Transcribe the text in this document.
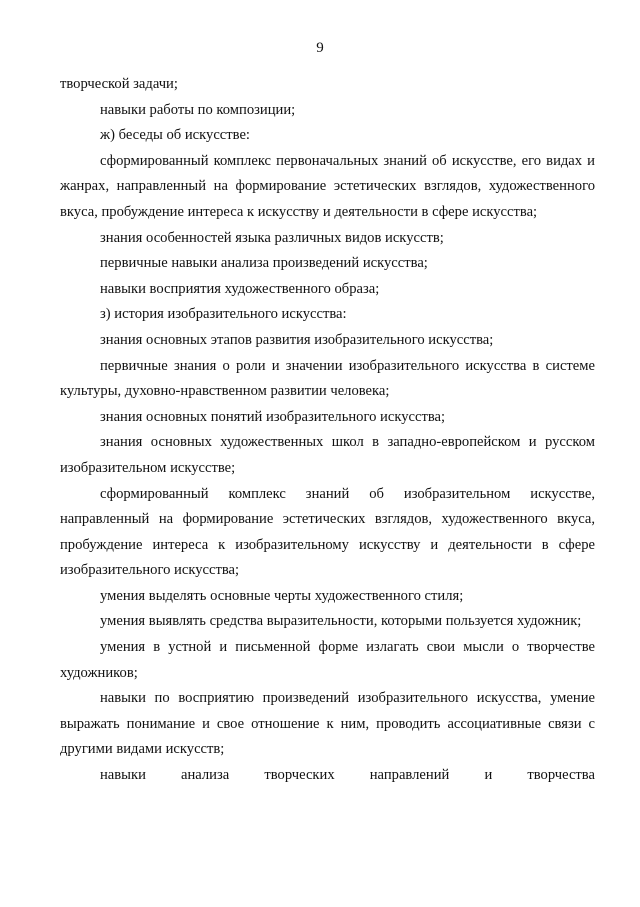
9

творческой задачи;

навыки работы по композиции;

ж) беседы об искусстве:

сформированный комплекс первоначальных знаний об искусстве, его видах и жанрах, направленный на формирование эстетических взглядов, художественного вкуса, пробуждение интереса к искусству и деятельности в сфере искусства;

знания особенностей языка различных видов искусств;

первичные навыки анализа произведений искусства;

навыки восприятия художественного образа;

з) история изобразительного искусства:

знания основных этапов развития изобразительного искусства;

первичные знания о роли и значении изобразительного искусства в системе культуры, духовно-нравственном развитии человека;

знания основных понятий изобразительного искусства;

знания основных художественных школ в западно-европейском и русском изобразительном искусстве;

сформированный комплекс знаний об изобразительном искусстве, направленный на формирование эстетических взглядов, художественного вкуса, пробуждение интереса к изобразительному искусству и деятельности в сфере изобразительного искусства;

умения выделять основные черты художественного стиля;

умения выявлять средства выразительности, которыми пользуется художник;

умения в устной и письменной форме излагать свои мысли о творчестве художников;

навыки по восприятию произведений изобразительного искусства, умение выражать понимание и свое отношение к ним, проводить ассоциативные связи с другими видами искусств;

навыки анализа творческих направлений и творчества
